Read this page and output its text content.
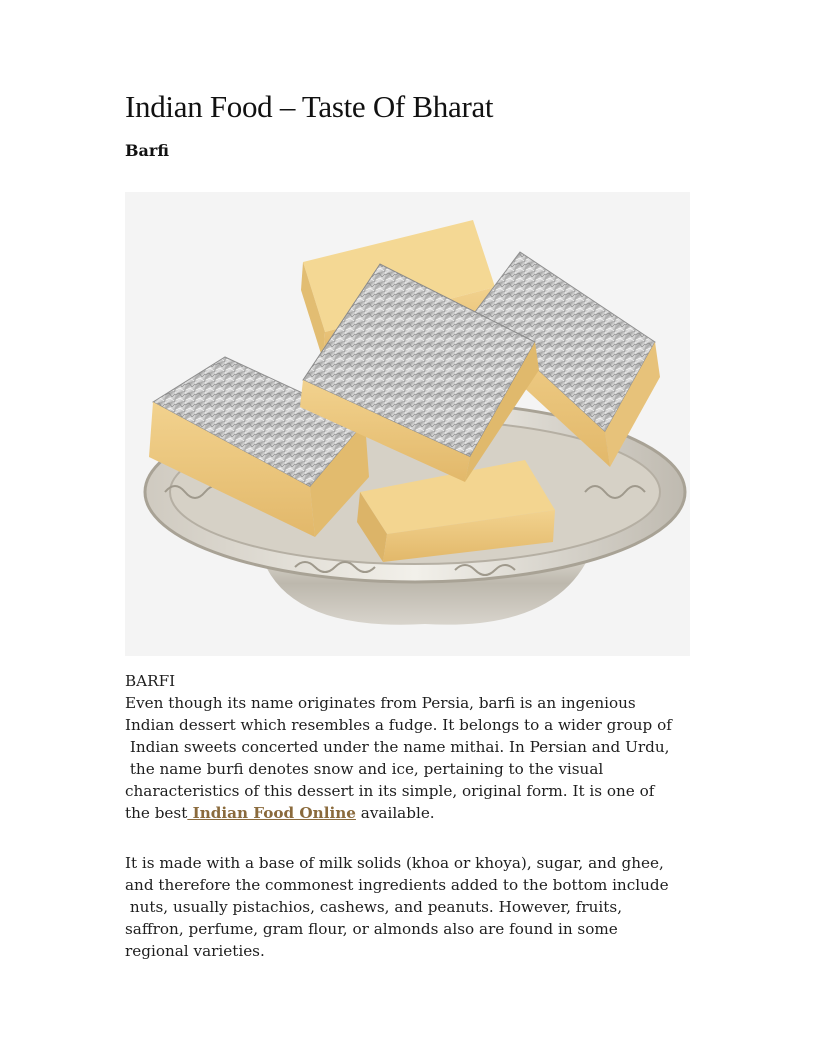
Indian Food – Taste Of Bharat
Barfi
BARFI
Even though its name originates from Persia, barfi is an ingenious
Indian dessert which resembles a fudge. It belongs to a wider group of
Indian sweets concerted under the name mithai. In Persian and Urdu,
the name burfi denotes snow and ice, pertaining to the visual
characteristics of this dessert in its simple, original form. It is one of
the best Indian Food Online available.
It is made with a base of milk solids (khoa or khoya), sugar, and ghee,
and therefore the commonest ingredients added to the bottom include
nuts, usually pistachios, cashews, and peanuts. However, fruits,
saffron, perfume, gram flour, or almonds also are found in some
regional varieties.
